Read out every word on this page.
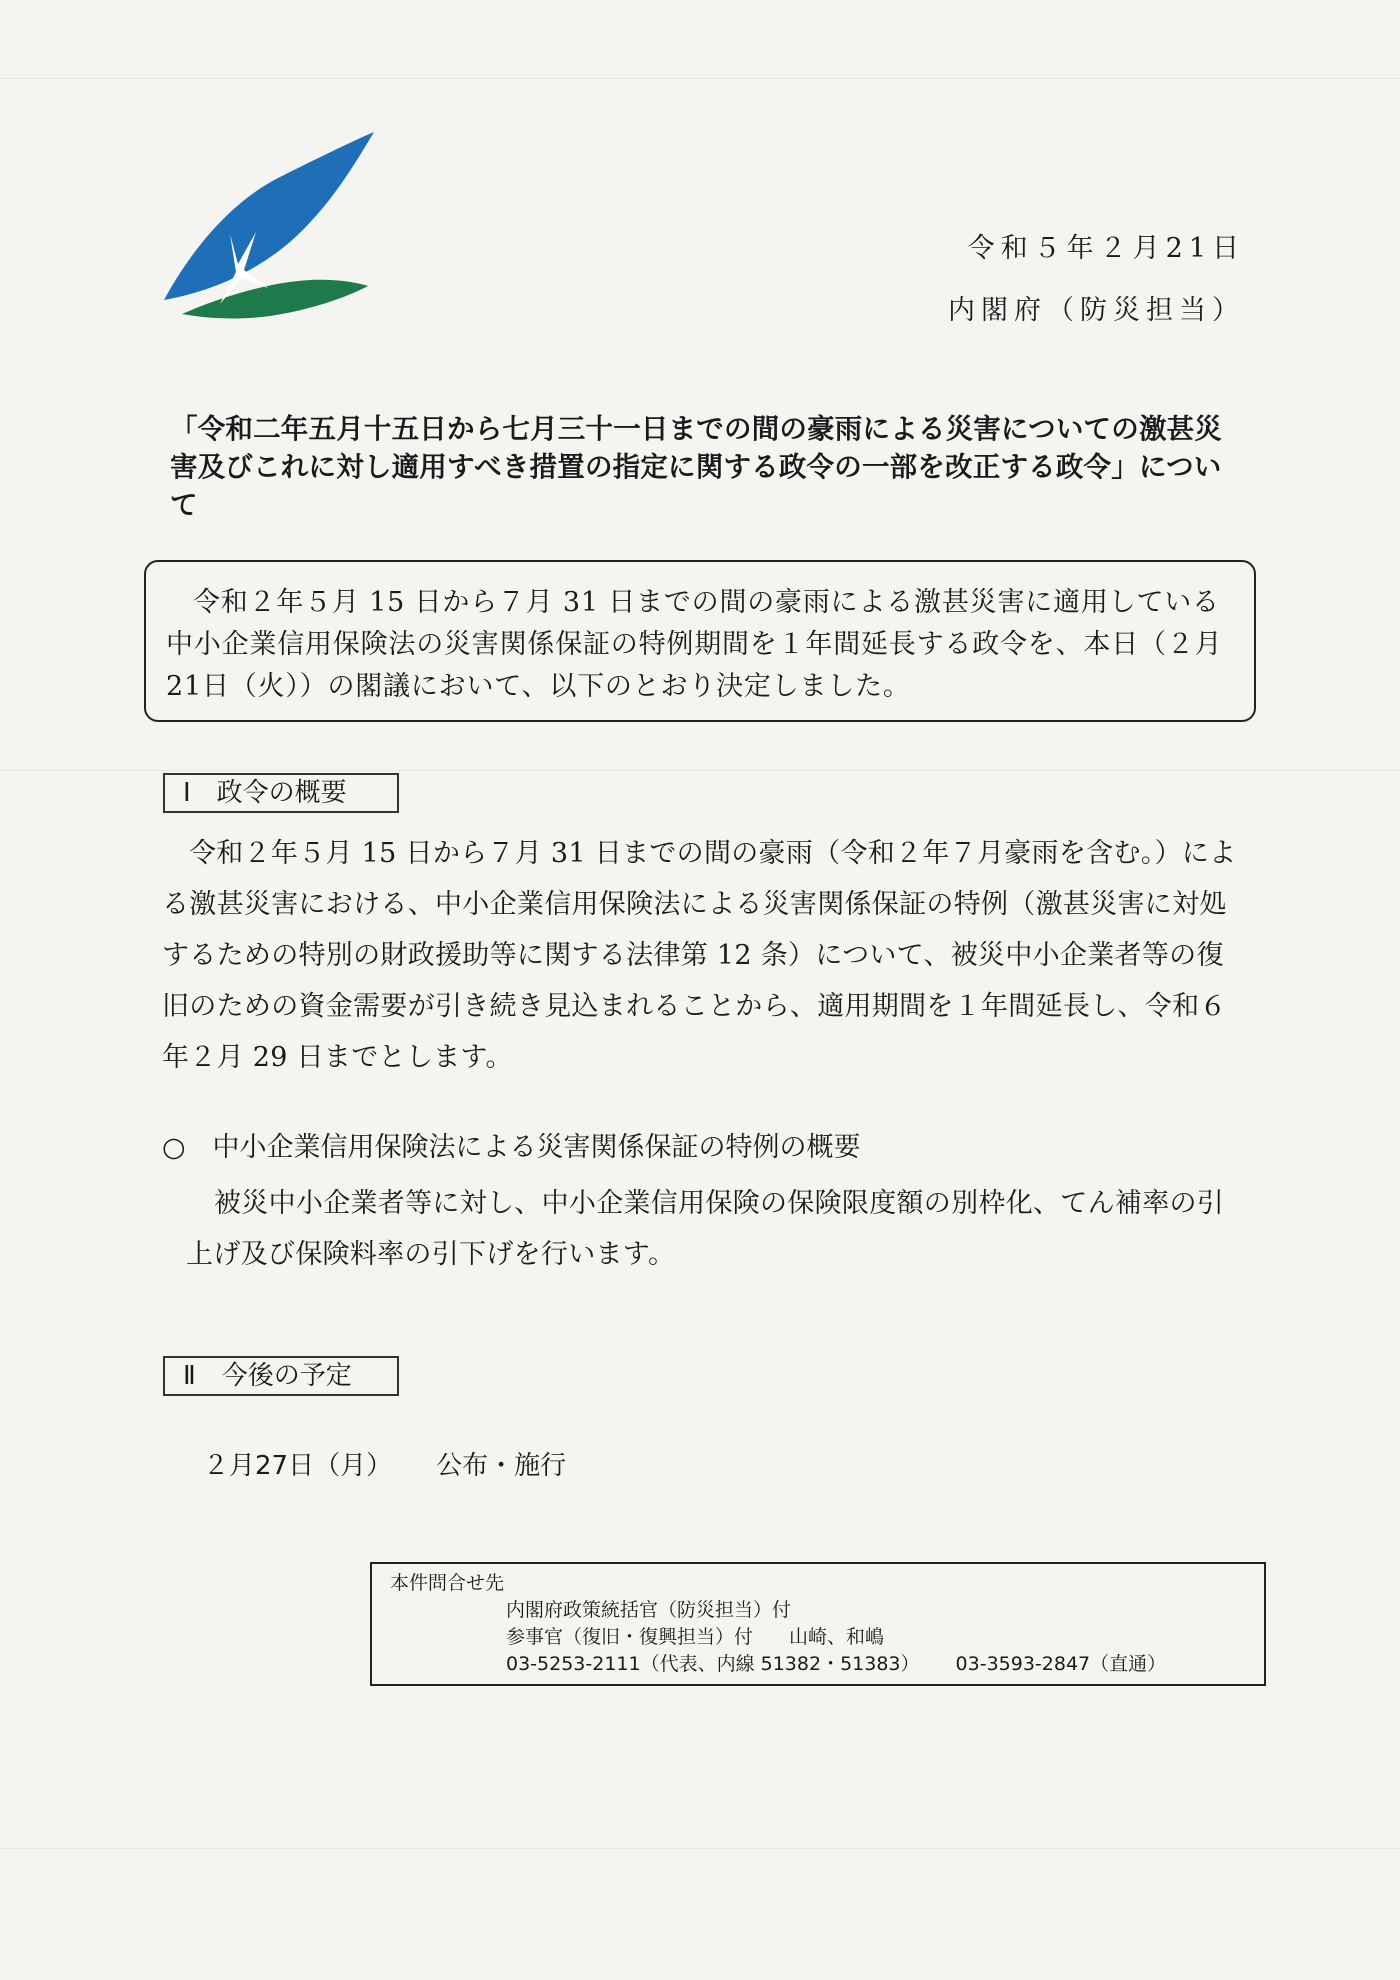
令和５年２月21日
内閣府（防災担当）
「令和二年五月十五日から七月三十一日までの間の豪雨による災害についての激甚災害及びこれに対し適用すべき措置の指定に関する政令の一部を改正する政令」について
令和２年５月 15 日から７月 31 日までの間の豪雨による激甚災害に適用している中小企業信用保険法の災害関係保証の特例期間を１年間延長する政令を、本日（２月21日（火））の閣議において、以下のとおり決定しました。
Ⅰ　政令の概要
令和２年５月 15 日から７月 31 日までの間の豪雨（令和２年７月豪雨を含む。）による激甚災害における、中小企業信用保険法による災害関係保証の特例（激甚災害に対処するための特別の財政援助等に関する法律第 12 条）について、被災中小企業者等の復旧のための資金需要が引き続き見込まれることから、適用期間を１年間延長し、令和６年２月 29 日までとします。
○　中小企業信用保険法による災害関係保証の特例の概要
被災中小企業者等に対し、中小企業信用保険の保険限度額の別枠化、てん補率の引上げ及び保険料率の引下げを行います。
Ⅱ　今後の予定
２月27日（月） 公布・施行
本件問合せ先
内閣府政策統括官（防災担当）付
参事官（復旧・復興担当）付 山崎、和嶋
03-5253-2111（代表、内線 51382・51383） 03-3593-2847（直通）
